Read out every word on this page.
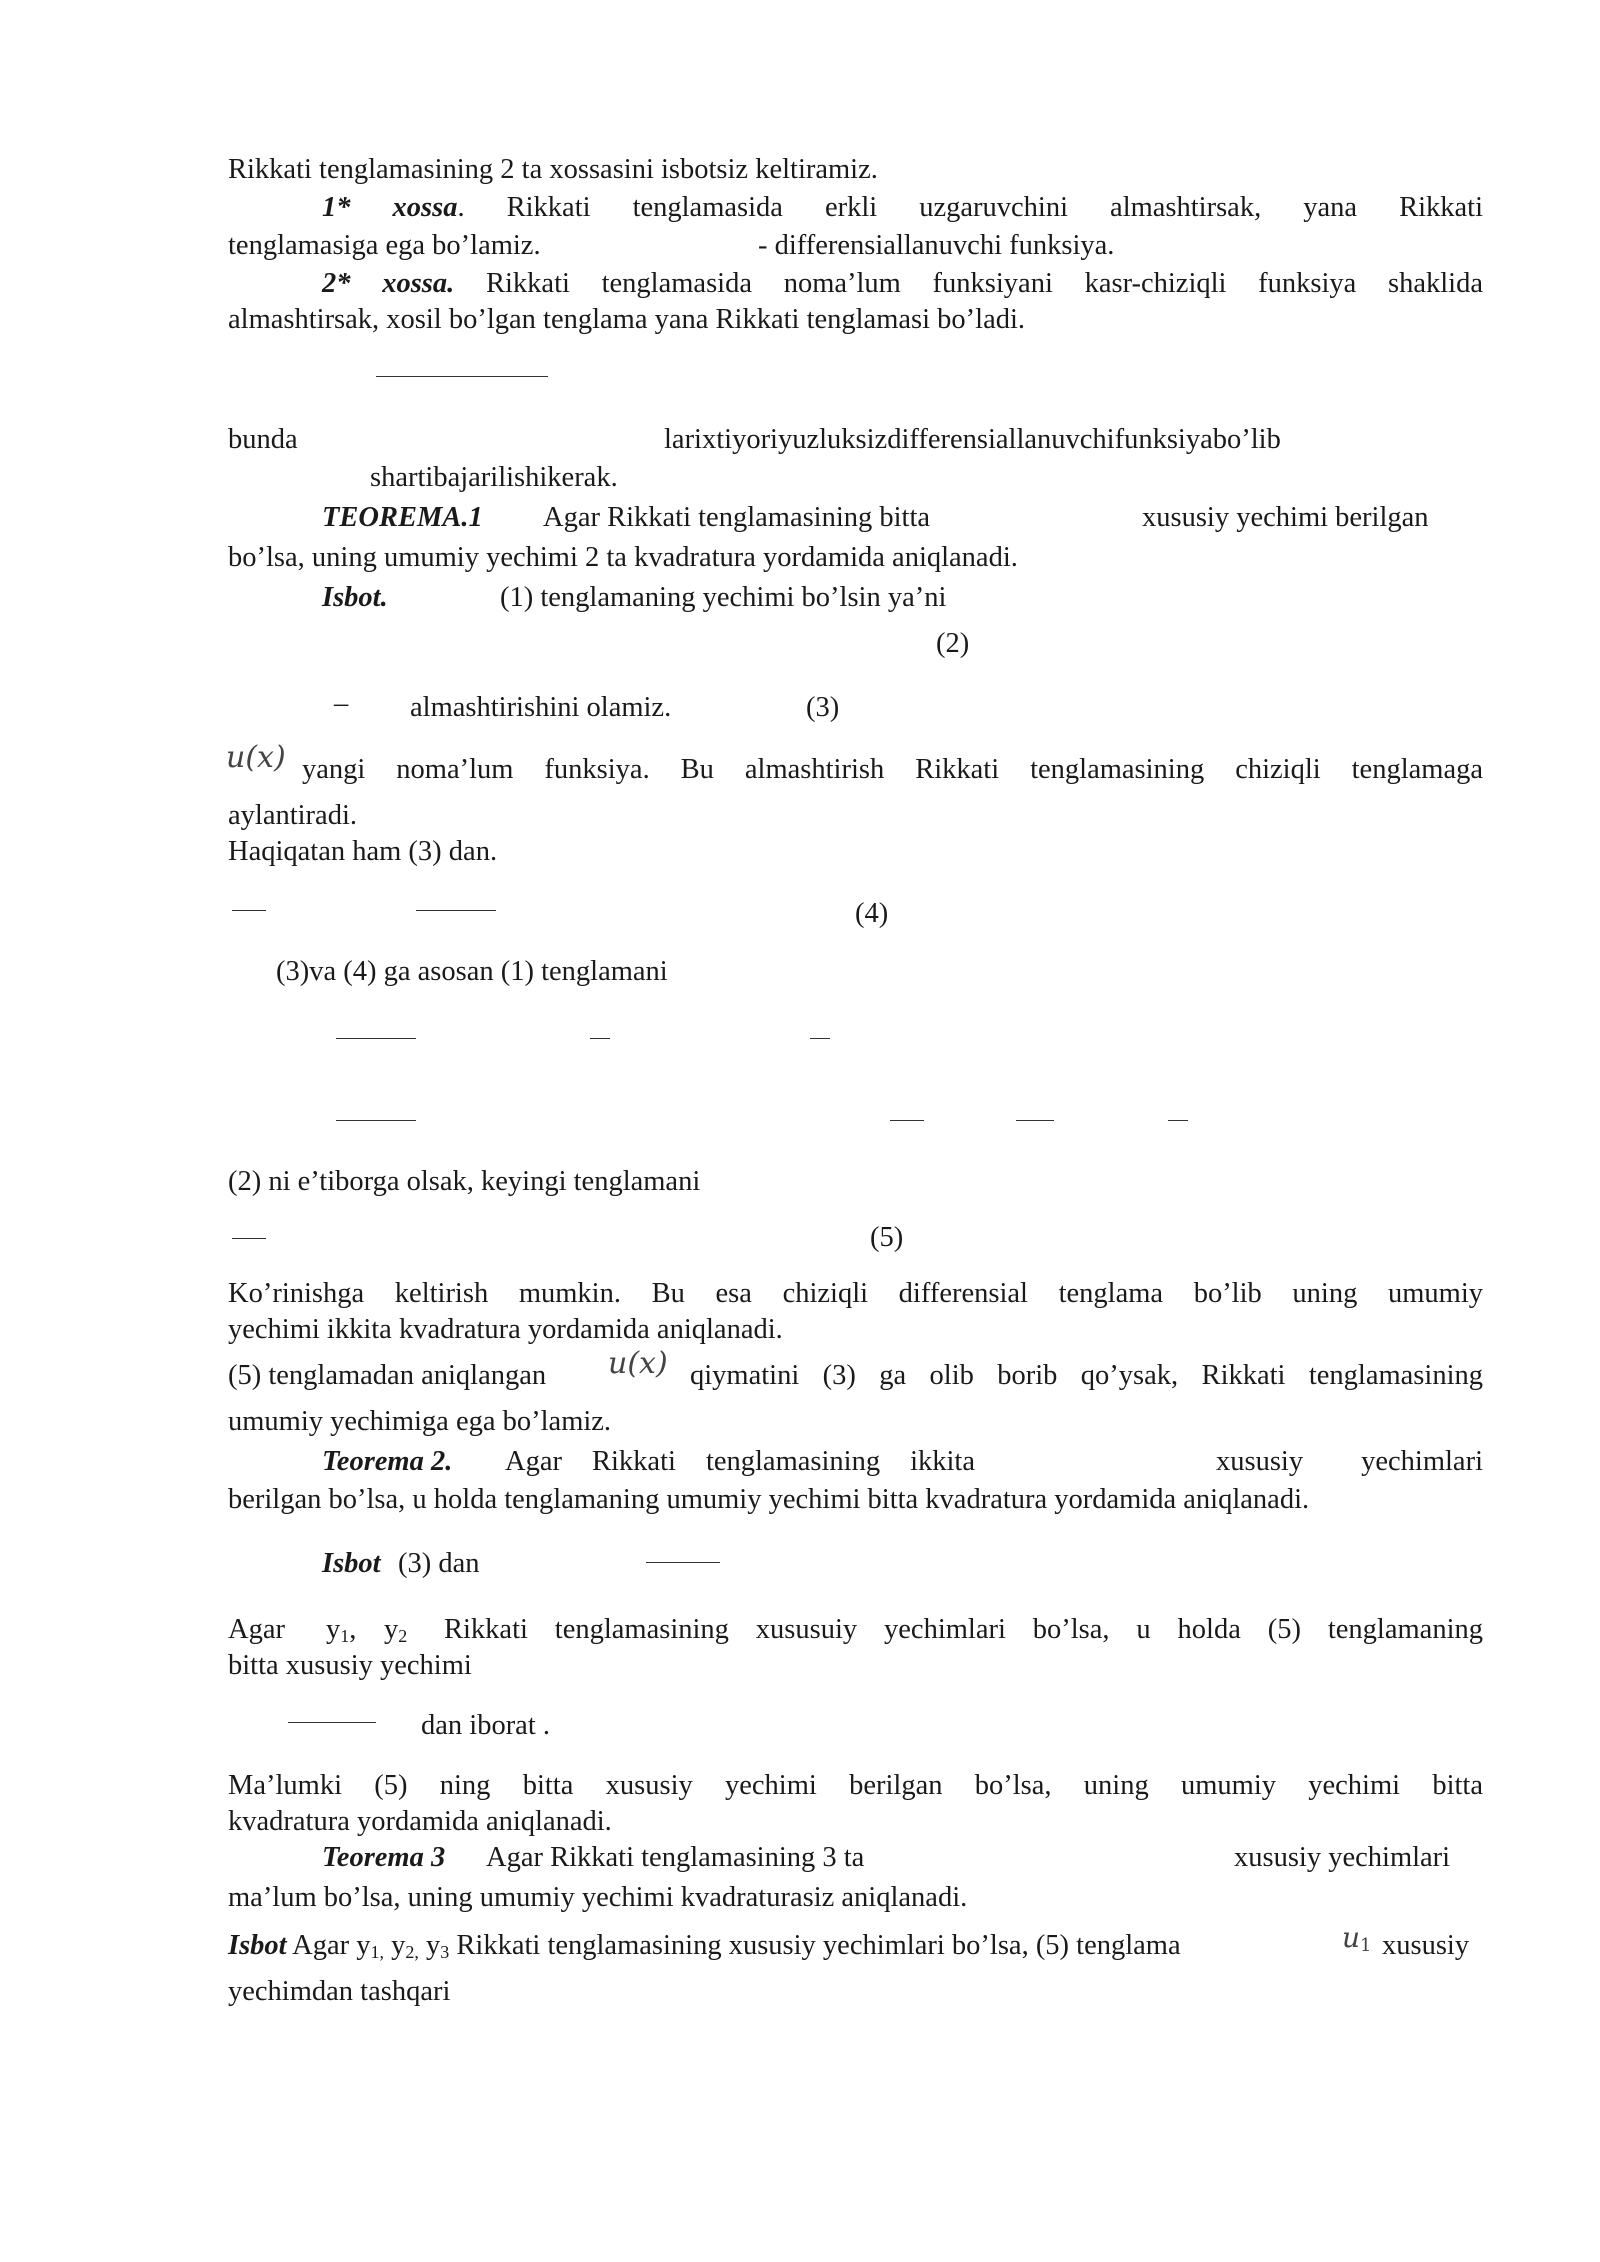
Rikkati tenglamasining 2 ta xossasini isbotsiz keltiramiz.
1* xossa. Rikkati tenglamasida erkli uzgaruvchini almashtirsak, yana Rikkati
tenglamasiga ega bo’lamiz.	- differensiallanuvchi funksiya.
2* xossa. Rikkati tenglamasida noma’lum funksiyani kasr-chiziqli funksiya shaklida
almashtirsak, xosil bo’lgan tenglama yana Rikkati tenglamasi bo’ladi.
bunda	larixtiyoriyuzluksizdifferensiallanuvchifunksiyabo’lib
shartibajarilishikerak.
TEOREMA.1 Agar Rikkati tenglamasining bitta	xususiy yechimi berilgan
bo’lsa, uning umumiy yechimi 2 ta kvadratura yordamida aniqlanadi.
Isbot.	(1) tenglamaning yechimi bo’lsin ya’ni
(2)
– almashtirishini olamiz.	(3)
u(x) yangi noma’lum funksiya. Bu almashtirish Rikkati tenglamasining chiziqli tenglamaga
aylantiradi.
Haqiqatan ham (3) dan.
(4)
(3)va (4) ga asosan (1) tenglamani
(2) ni e’tiborga olsak, keyingi tenglamani
(5)
Ko’rinishga keltirish mumkin. Bu esa chiziqli differensial tenglama bo’lib uning umumiy
yechimi ikkita kvadratura yordamida aniqlanadi.
(5) tenglamadan aniqlangan u(x) qiymatini (3) ga olib borib qo’ysak, Rikkati tenglamasining
umumiy yechimiga ega bo’lamiz.
Teorema 2. Agar Rikkati tenglamasining ikkita	xususiy yechimlari
berilgan bo’lsa, u holda tenglamaning umumiy yechimi bitta kvadratura yordamida aniqlanadi.
Isbot (3) dan
Agar $y_1$, $y_2$ Rikkati tenglamasining xususuiy yechimlari bo’lsa, u holda (5) tenglamaning
bitta xususiy yechimi
dan iborat .
Ma’lumki (5) ning bitta xususiy yechimi berilgan bo’lsa, uning umumiy yechimi bitta
kvadratura yordamida aniqlanadi.
Teorema 3 Agar Rikkati tenglamasining 3 ta	xususiy yechimlari
ma’lum bo’lsa, uning umumiy yechimi kvadraturasiz aniqlanadi.
Isbot Agar $y_{1,}$ $y_{2,}$ $y_3$ Rikkati tenglamasining xususiy yechimlari bo’lsa, (5) tenglama	$u_1$ xususiy
yechimdan tashqari
